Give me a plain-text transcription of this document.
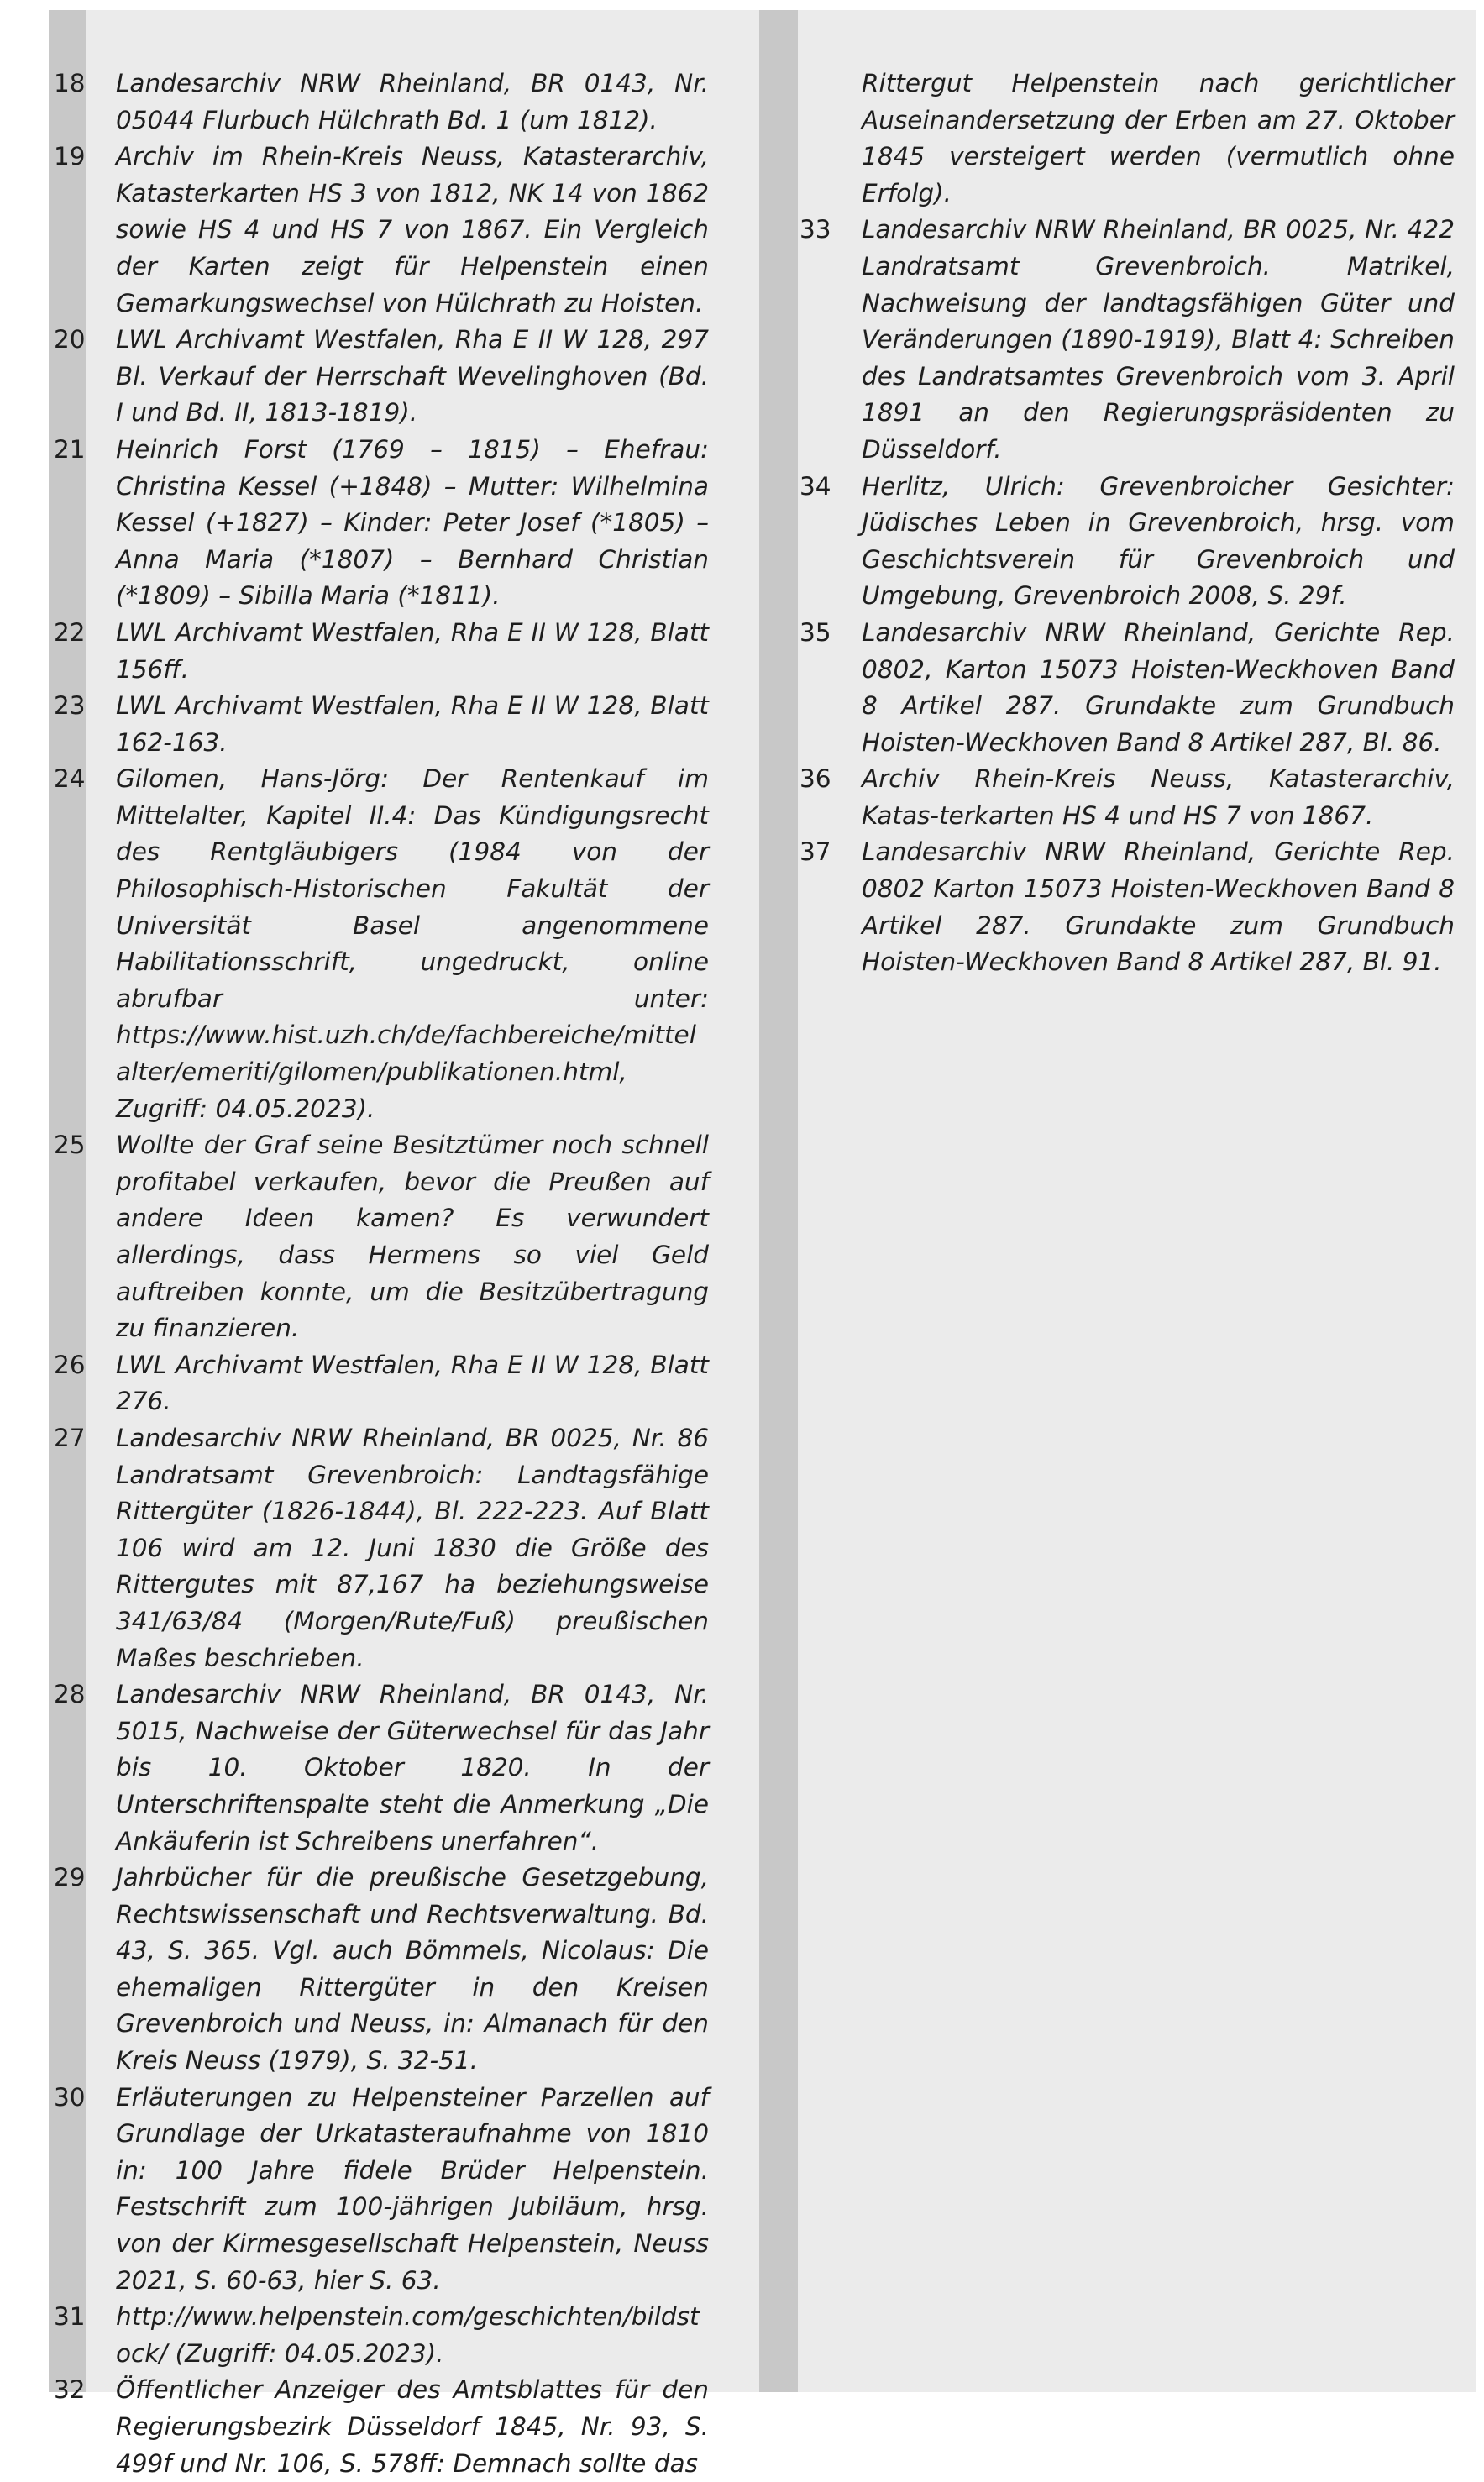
18 Landesarchiv NRW Rheinland, BR 0143, Nr. 05044 Flurbuch Hülchrath Bd. 1 (um 1812).
19 Archiv im Rhein-Kreis Neuss, Katasterarchiv, Katasterkarten HS 3 von 1812, NK 14 von 1862 sowie HS 4 und HS 7 von 1867. Ein Vergleich der Karten zeigt für Helpenstein einen Gemarkungswechsel von Hülchrath zu Hoisten.
20 LWL Archivamt Westfalen, Rha E II W 128, 297 Bl. Verkauf der Herrschaft Wevelinghoven (Bd. I und Bd. II, 1813-1819).
21 Heinrich Forst (1769 – 1815) – Ehefrau: Christina Kessel (+1848) – Mutter: Wilhelmina Kessel (+1827) – Kinder: Peter Josef (*1805) – Anna Maria (*1807) – Bernhard Christian (*1809) – Sibilla Maria (*1811).
22 LWL Archivamt Westfalen, Rha E II W 128, Blatt 156ff.
23 LWL Archivamt Westfalen, Rha E II W 128, Blatt 162-163.
24 Gilomen, Hans-Jörg: Der Rentenkauf im Mittelalter, Kapitel II.4: Das Kündigungsrecht des Rentgläubigers (1984 von der Philosophisch-Historischen Fakultät der Universität Basel angenommene Habilitationsschrift, ungedruckt, online abrufbar unter: https://www.hist.uzh.ch/de/fachbereiche/mittelalter/emeriti/gilomen/publikationen.html, Zugriff: 04.05.2023).
25 Wollte der Graf seine Besitztümer noch schnell profitabel verkaufen, bevor die Preußen auf andere Ideen kamen? Es verwundert allerdings, dass Hermens so viel Geld auftreiben konnte, um die Besitzübertragung zu finanzieren.
26 LWL Archivamt Westfalen, Rha E II W 128, Blatt 276.
27 Landesarchiv NRW Rheinland, BR 0025, Nr. 86 Landratsamt Grevenbroich: Landtagsfähige Rittergüter (1826-1844), Bl. 222-223. Auf Blatt 106 wird am 12. Juni 1830 die Größe des Rittergutes mit 87,167 ha beziehungsweise 341/63/84 (Morgen/Rute/Fuß) preußischen Maßes beschrieben.
28 Landesarchiv NRW Rheinland, BR 0143, Nr. 5015, Nachweise der Güterwechsel für das Jahr bis 10. Oktober 1820. In der Unterschriftenspalte steht die Anmerkung „Die Ankäuferin ist Schreibens unerfahren“.
29 Jahrbücher für die preußische Gesetzgebung, Rechtswissenschaft und Rechtsverwaltung. Bd. 43, S. 365. Vgl. auch Bömmels, Nicolaus: Die ehemaligen Rittergüter in den Kreisen Grevenbroich und Neuss, in: Almanach für den Kreis Neuss (1979), S. 32-51.
30 Erläuterungen zu Helpensteiner Parzellen auf Grundlage der Urkatasteraufnahme von 1810 in: 100 Jahre fidele Brüder Helpenstein. Festschrift zum 100-jährigen Jubiläum, hrsg. von der Kirmesgesellschaft Helpenstein, Neuss 2021, S. 60-63, hier S. 63.
31 http://www.helpenstein.com/geschichten/bildstock/ (Zugriff: 04.05.2023).
32 Öffentlicher Anzeiger des Amtsblattes für den Regierungsbezirk Düsseldorf 1845, Nr. 93, S. 499f und Nr. 106, S. 578ff: Demnach sollte das
Rittergut Helpenstein nach gerichtlicher Auseinandersetzung der Erben am 27. Oktober 1845 versteigert werden (vermutlich ohne Erfolg).
33 Landesarchiv NRW Rheinland, BR 0025, Nr. 422 Landratsamt Grevenbroich. Matrikel, Nachweisung der landtagsfähigen Güter und Veränderungen (1890-1919), Blatt 4: Schreiben des Landratsamtes Grevenbroich vom 3. April 1891 an den Regierungspräsidenten zu Düsseldorf.
34 Herlitz, Ulrich: Grevenbroicher Gesichter: Jüdisches Leben in Grevenbroich, hrsg. vom Geschichtsverein für Grevenbroich und Umgebung, Grevenbroich 2008, S. 29f.
35 Landesarchiv NRW Rheinland, Gerichte Rep. 0802, Karton 15073 Hoisten-Weckhoven Band 8 Artikel 287. Grundakte zum Grundbuch Hoisten-Weckhoven Band 8 Artikel 287, Bl. 86.
36 Archiv Rhein-Kreis Neuss, Katasterarchiv, Katas-terkarten HS 4 und HS 7 von 1867.
37 Landesarchiv NRW Rheinland, Gerichte Rep. 0802 Karton 15073 Hoisten-Weckhoven Band 8 Artikel 287. Grundakte zum Grundbuch Hoisten-Weckhoven Band 8 Artikel 287, Bl. 91.
